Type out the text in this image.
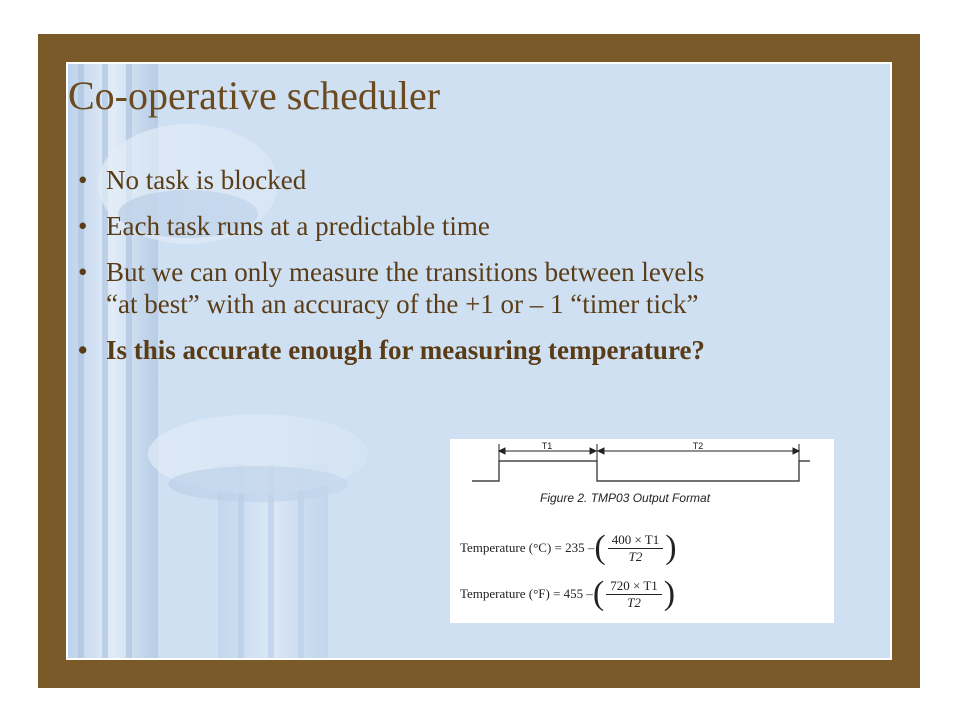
Co-operative scheduler
• No task is blocked
• Each task runs at a predictable time
• But we can only measure the transitions between levels “at best” with an accuracy of the +1 or – 1 “timer tick”
• Is this accurate enough for measuring temperature?
T1	T2
Figure 2. TMP03 Output Format
Temperature (°C) = 235 – ( $\frac{400 \times T1}{T2}$ )
Temperature (°F) = 455 – ( $\frac{720 \times T1}{T2}$ )
